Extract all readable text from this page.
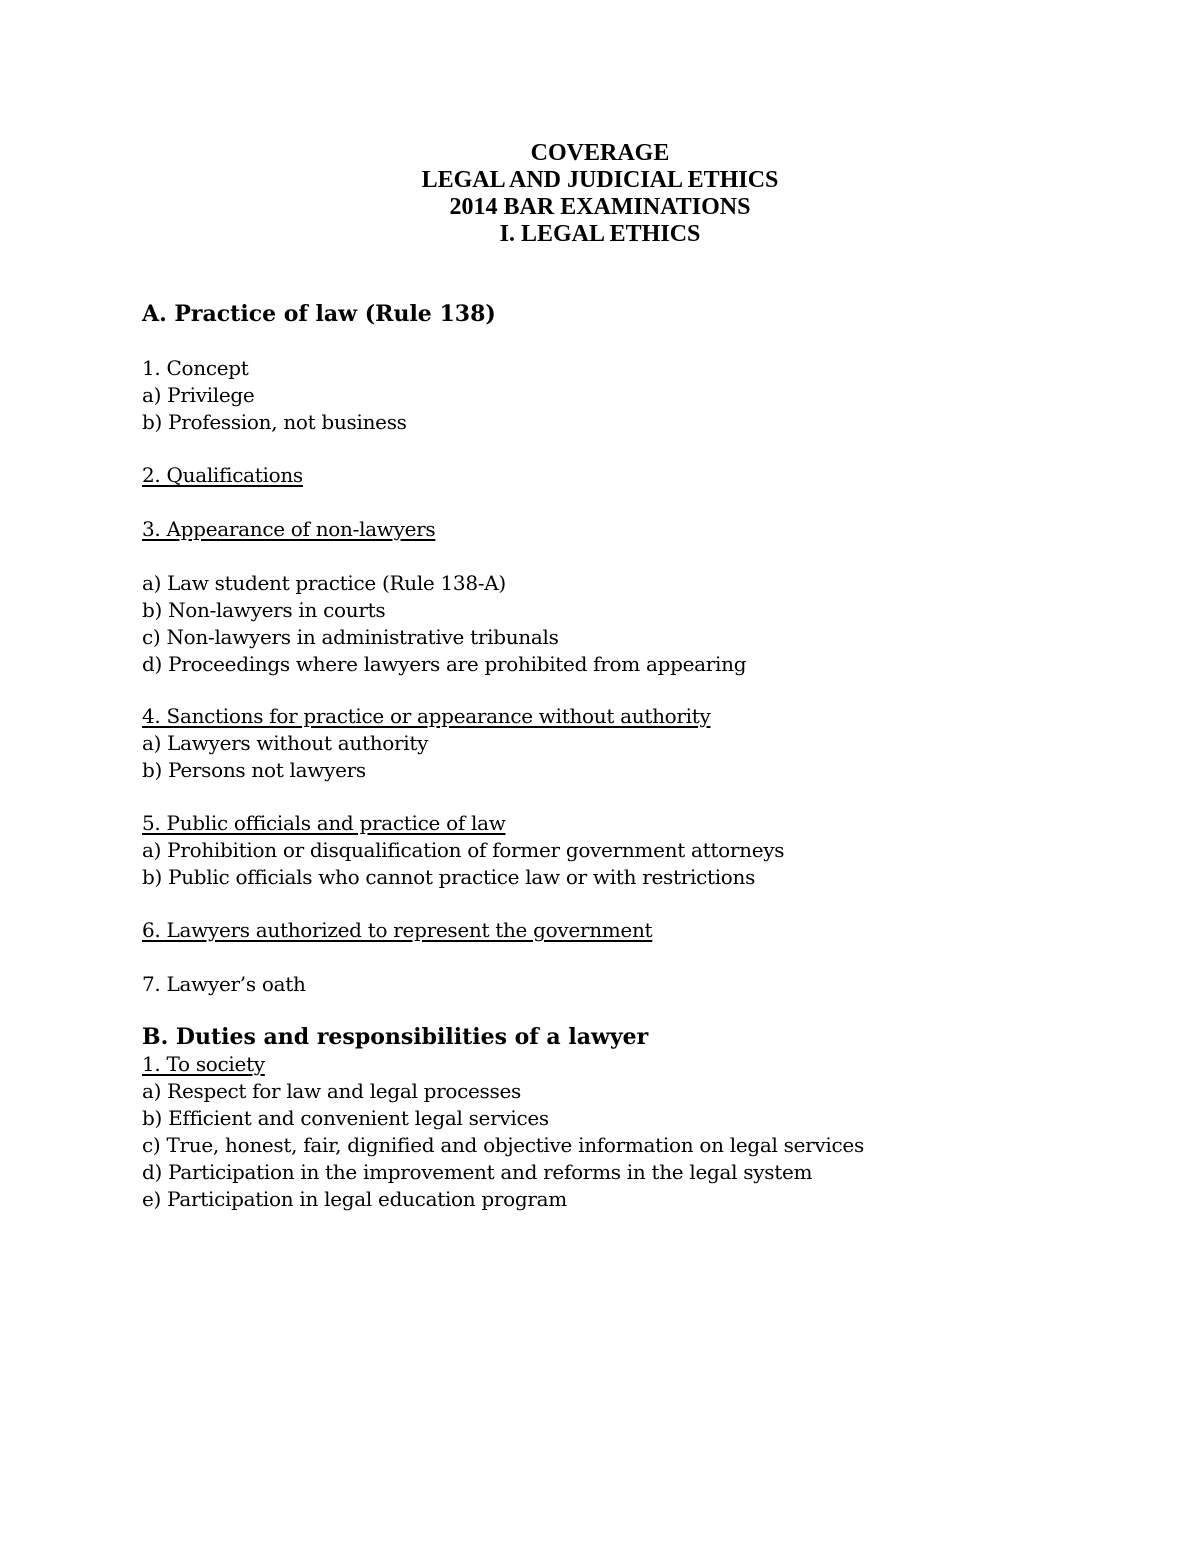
COVERAGE
LEGAL AND JUDICIAL ETHICS
2014 BAR EXAMINATIONS
I. LEGAL ETHICS
A. Practice of law (Rule 138)
1. Concept
a) Privilege
b) Profession, not business
2. Qualifications
3. Appearance of non-lawyers
a) Law student practice (Rule 138-A)
b) Non-lawyers in courts
c) Non-lawyers in administrative tribunals
d) Proceedings where lawyers are prohibited from appearing
4. Sanctions for practice or appearance without authority
a) Lawyers without authority
b) Persons not lawyers
5. Public officials and practice of law
a) Prohibition or disqualification of former government attorneys
b) Public officials who cannot practice law or with restrictions
6. Lawyers authorized to represent the government
7. Lawyer’s oath
B. Duties and responsibilities of a lawyer
1. To society
a) Respect for law and legal processes
b) Efficient and convenient legal services
c) True, honest, fair, dignified and objective information on legal services
d) Participation in the improvement and reforms in the legal system
e) Participation in legal education program
